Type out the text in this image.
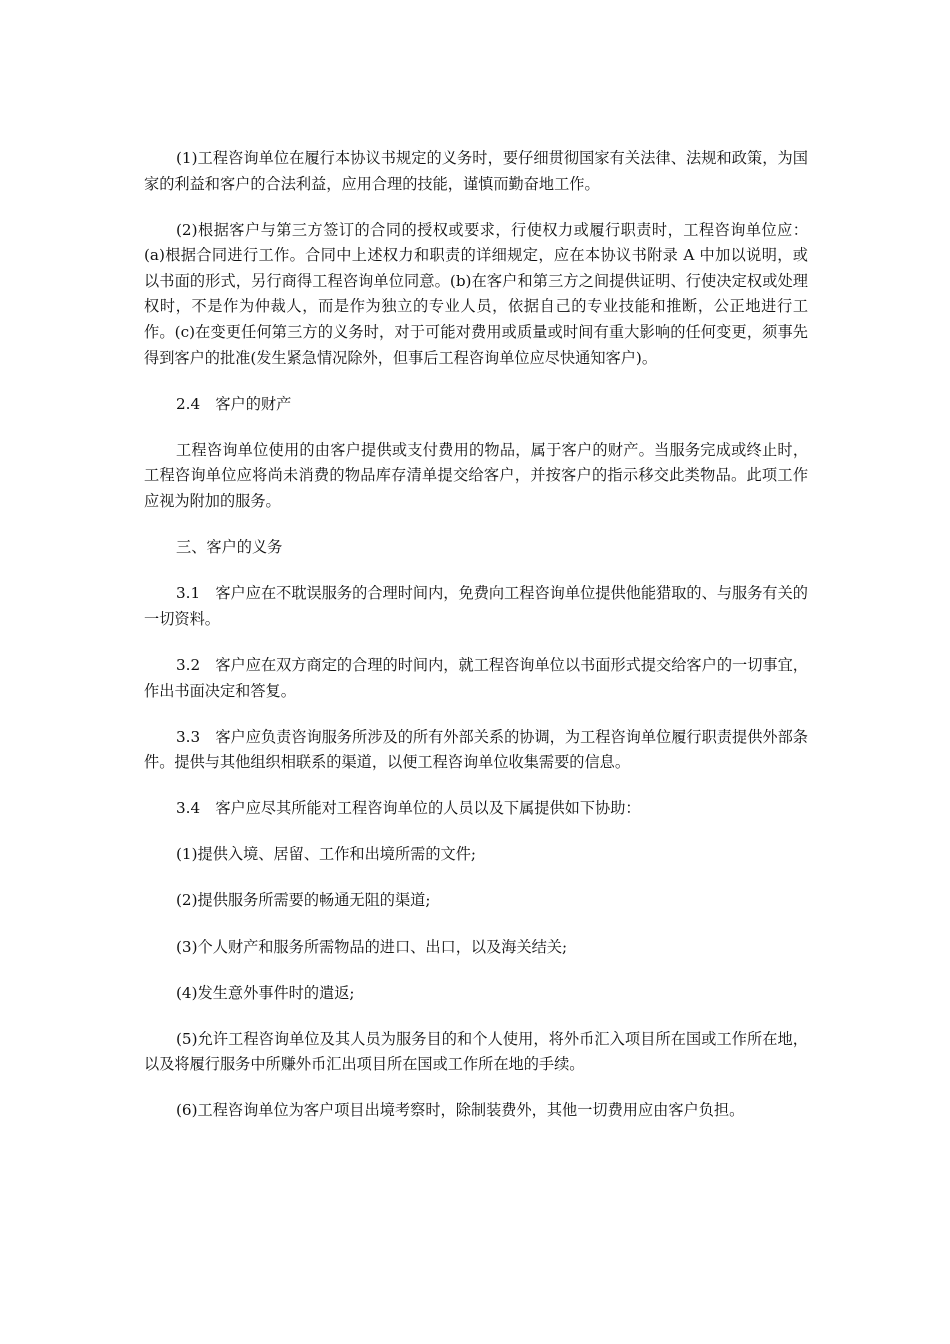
(1)工程咨询单位在履行本协议书规定的义务时，要仔细贯彻国家有关法律、法规和政策，为国家的利益和客户的合法利益，应用合理的技能，谨慎而勤奋地工作。

(2)根据客户与第三方签订的合同的授权或要求，行使权力或履行职责时，工程咨询单位应：(a)根据合同进行工作。合同中上述权力和职责的详细规定，应在本协议书附录 A 中加以说明，或以书面的形式，另行商得工程咨询单位同意。(b)在客户和第三方之间提供证明、行使决定权或处理权时，不是作为仲裁人，而是作为独立的专业人员，依据自己的专业技能和推断，公正地进行工作。(c)在变更任何第三方的义务时，对于可能对费用或质量或时间有重大影响的任何变更，须事先得到客户的批准(发生紧急情况除外，但事后工程咨询单位应尽快通知客户)。

2.4　客户的财产

工程咨询单位使用的由客户提供或支付费用的物品，属于客户的财产。当服务完成或终止时，工程咨询单位应将尚未消费的物品库存清单提交给客户，并按客户的指示移交此类物品。此项工作应视为附加的服务。

三、客户的义务

3.1　客户应在不耽误服务的合理时间内，免费向工程咨询单位提供他能猎取的、与服务有关的一切资料。

3.2　客户应在双方商定的合理的时间内，就工程咨询单位以书面形式提交给客户的一切事宜，作出书面决定和答复。

3.3　客户应负责咨询服务所涉及的所有外部关系的协调，为工程咨询单位履行职责提供外部条件。提供与其他组织相联系的渠道，以便工程咨询单位收集需要的信息。

3.4　客户应尽其所能对工程咨询单位的人员以及下属提供如下协助：

(1)提供入境、居留、工作和出境所需的文件;

(2)提供服务所需要的畅通无阻的渠道;

(3)个人财产和服务所需物品的进口、出口，以及海关结关;

(4)发生意外事件时的遣返;

(5)允许工程咨询单位及其人员为服务目的和个人使用，将外币汇入项目所在国或工作所在地，以及将履行服务中所赚外币汇出项目所在国或工作所在地的手续。

(6)工程咨询单位为客户项目出境考察时，除制装费外，其他一切费用应由客户负担。
